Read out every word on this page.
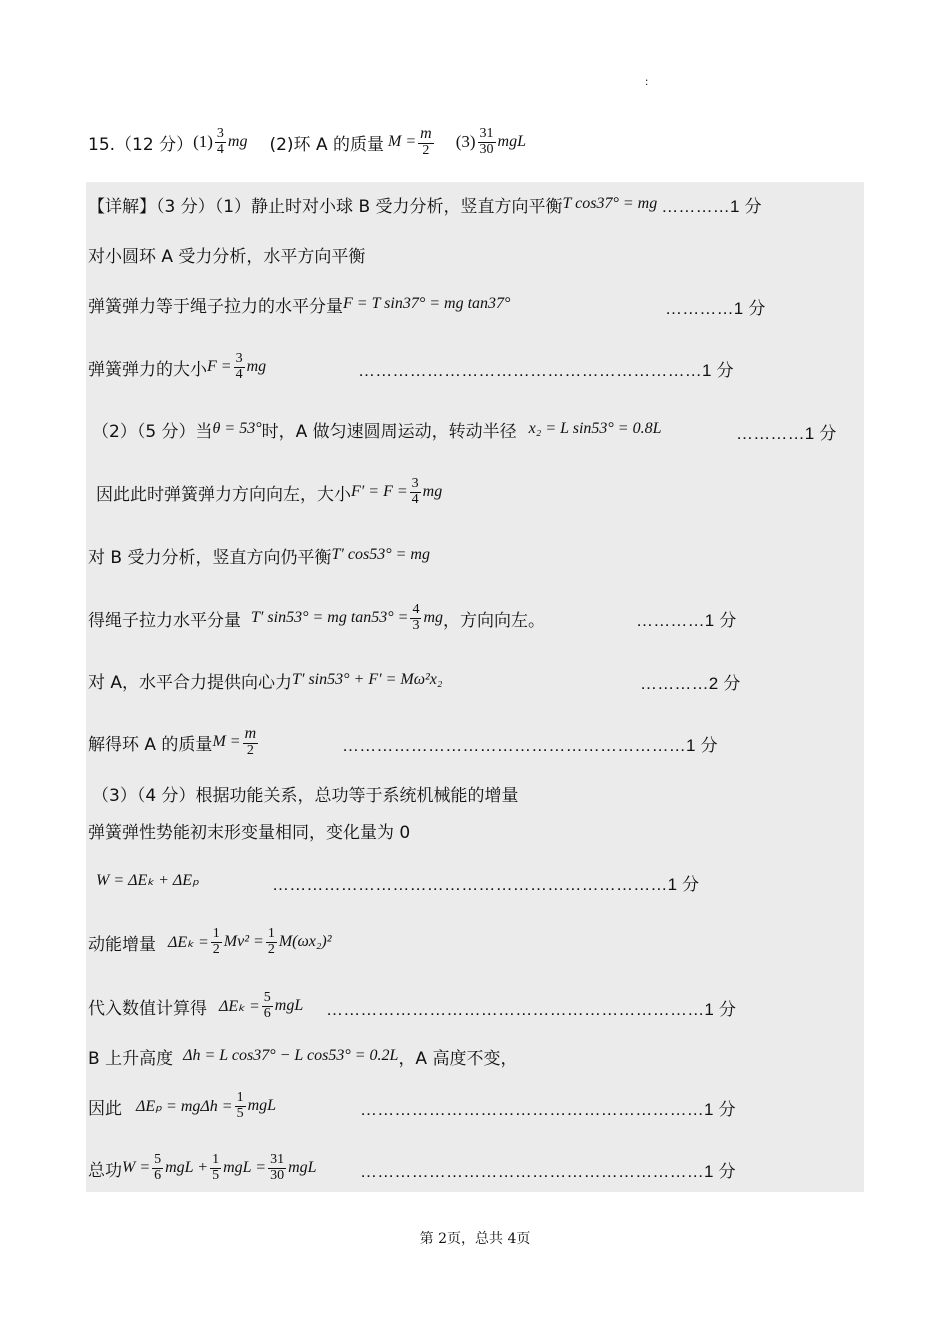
:
15.（12 分） $(1) \frac{3}{4}$ mg (2)环 A 的质量 $M = \frac{m}{2} (3) \frac{31}{30}$ mgL
【详解】（3 分）（1）静止时对小球 B 受力分析，竖直方向平衡 T cos37° = mg …………1 分
对小圆环 A 受力分析，水平方向平衡
弹簧弹力等于绳子拉力的水平分量 F = T sin37° = mg tan37°	…………1 分
弹簧弹力的大小 $F = \frac{3}{4}$ mg	……………………………………………………1 分
（2）（5 分）当 θ = 53° 时，A 做匀速圆周运动，转动半径 x₂ = L sin53° = 0.8L	…………1 分
因此此时弹簧弹力方向向左，大小 $F' = F = \frac{3}{4}$ mg
对 B 受力分析，竖直方向仍平衡 T′ cos53° = mg
得绳子拉力水平分量 T′ sin53° = mg $\tan 53^\circ = \frac{4}{3}$ mg ，方向向左。	…………1 分
对 A，水平合力提供向心力 T′ sin53° + F′ = Mω²x₂	…………2 分
解得环 A 的质量 $M = \frac{m}{2}$	……………………………………………………1 分
（3）（4 分）根据功能关系，总功等于系统机械能的增量
弹簧弹性势能初末形变量相同，变化量为 0
W = ΔEₖ + ΔEₚ	……………………………………………………………1 分
动能增量 $\Delta E_k = \frac{1}{2} Mv^2 = \frac{1}{2} M(\omega x_2)^2$
代入数值计算得 $\Delta E_k = \frac{5}{6}$ mgL …………………………………………………………1 分
B 上升高度 Δh = L cos37° − L cos53° = 0.2L ，A 高度不变，
因此 $\Delta E_p = mg\Delta h = \frac{1}{5}$ mgL	……………………………………………………1 分
总功 $W = \frac{5}{6}$ mgL + $\frac{1}{5}$ mgL = $\frac{31}{30}$ mgL	……………………………………………………1 分
第 2页，总共 4页
